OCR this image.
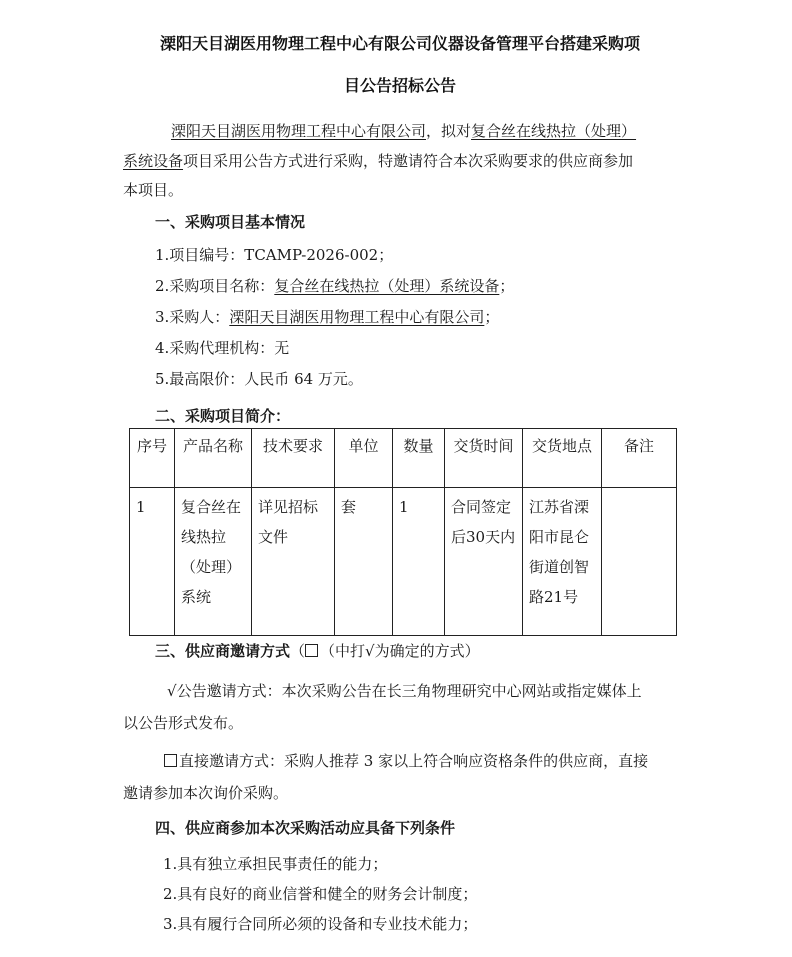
溧阳天目湖医用物理工程中心有限公司仪器设备管理平台搭建采购项
目公告招标公告
溧阳天目湖医用物理工程中心有限公司，拟对复合丝在线热拉（处理）
系统设备项目采用公告方式进行采购，特邀请符合本次采购要求的供应商参加
本项目。
一、采购项目基本情况
1.项目编号：TCAMP-2026-002；
2.采购项目名称：复合丝在线热拉（处理）系统设备；
3.采购人：溧阳天目湖医用物理工程中心有限公司；
4.采购代理机构：无
5.最高限价：人民币 64 万元。
二、采购项目简介：
序号	产品名称	技术要求	单位	数量	交货时间	交货地点	备注
1	复合丝在线热拉（处理）系统	详见招标文件	套	1	合同签定后30天内	江苏省溧阳市昆仑街道创智路21号	
三、供应商邀请方式（ （中打√为确定的方式）
√公告邀请方式：本次采购公告在长三角物理研究中心网站或指定媒体上
以公告形式发布。
直接邀请方式：采购人推荐 3 家以上符合响应资格条件的供应商，直接
邀请参加本次询价采购。
四、供应商参加本次采购活动应具备下列条件
1.具有独立承担民事责任的能力；
2.具有良好的商业信誉和健全的财务会计制度；
3.具有履行合同所必须的设备和专业技术能力；
